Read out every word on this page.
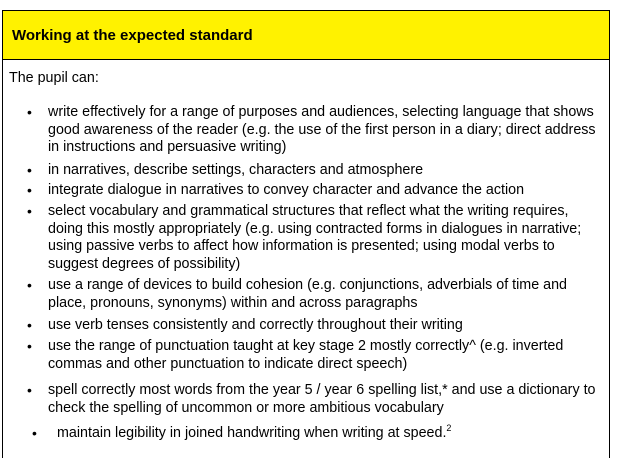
Working at the expected standard
The pupil can:
• write effectively for a range of purposes and audiences, selecting language that shows good awareness of the reader (e.g. the use of the first person in a diary; direct address in instructions and persuasive writing)
• in narratives, describe settings, characters and atmosphere
• integrate dialogue in narratives to convey character and advance the action
• select vocabulary and grammatical structures that reflect what the writing requires, doing this mostly appropriately (e.g. using contracted forms in dialogues in narrative; using passive verbs to affect how information is presented; using modal verbs to suggest degrees of possibility)
• use a range of devices to build cohesion (e.g. conjunctions, adverbials of time and place, pronouns, synonyms) within and across paragraphs
• use verb tenses consistently and correctly throughout their writing
• use the range of punctuation taught at key stage 2 mostly correctly^ (e.g. inverted commas and other punctuation to indicate direct speech)
• spell correctly most words from the year 5 / year 6 spelling list,* and use a dictionary to check the spelling of uncommon or more ambitious vocabulary
• maintain legibility in joined handwriting when writing at speed.$^2$
